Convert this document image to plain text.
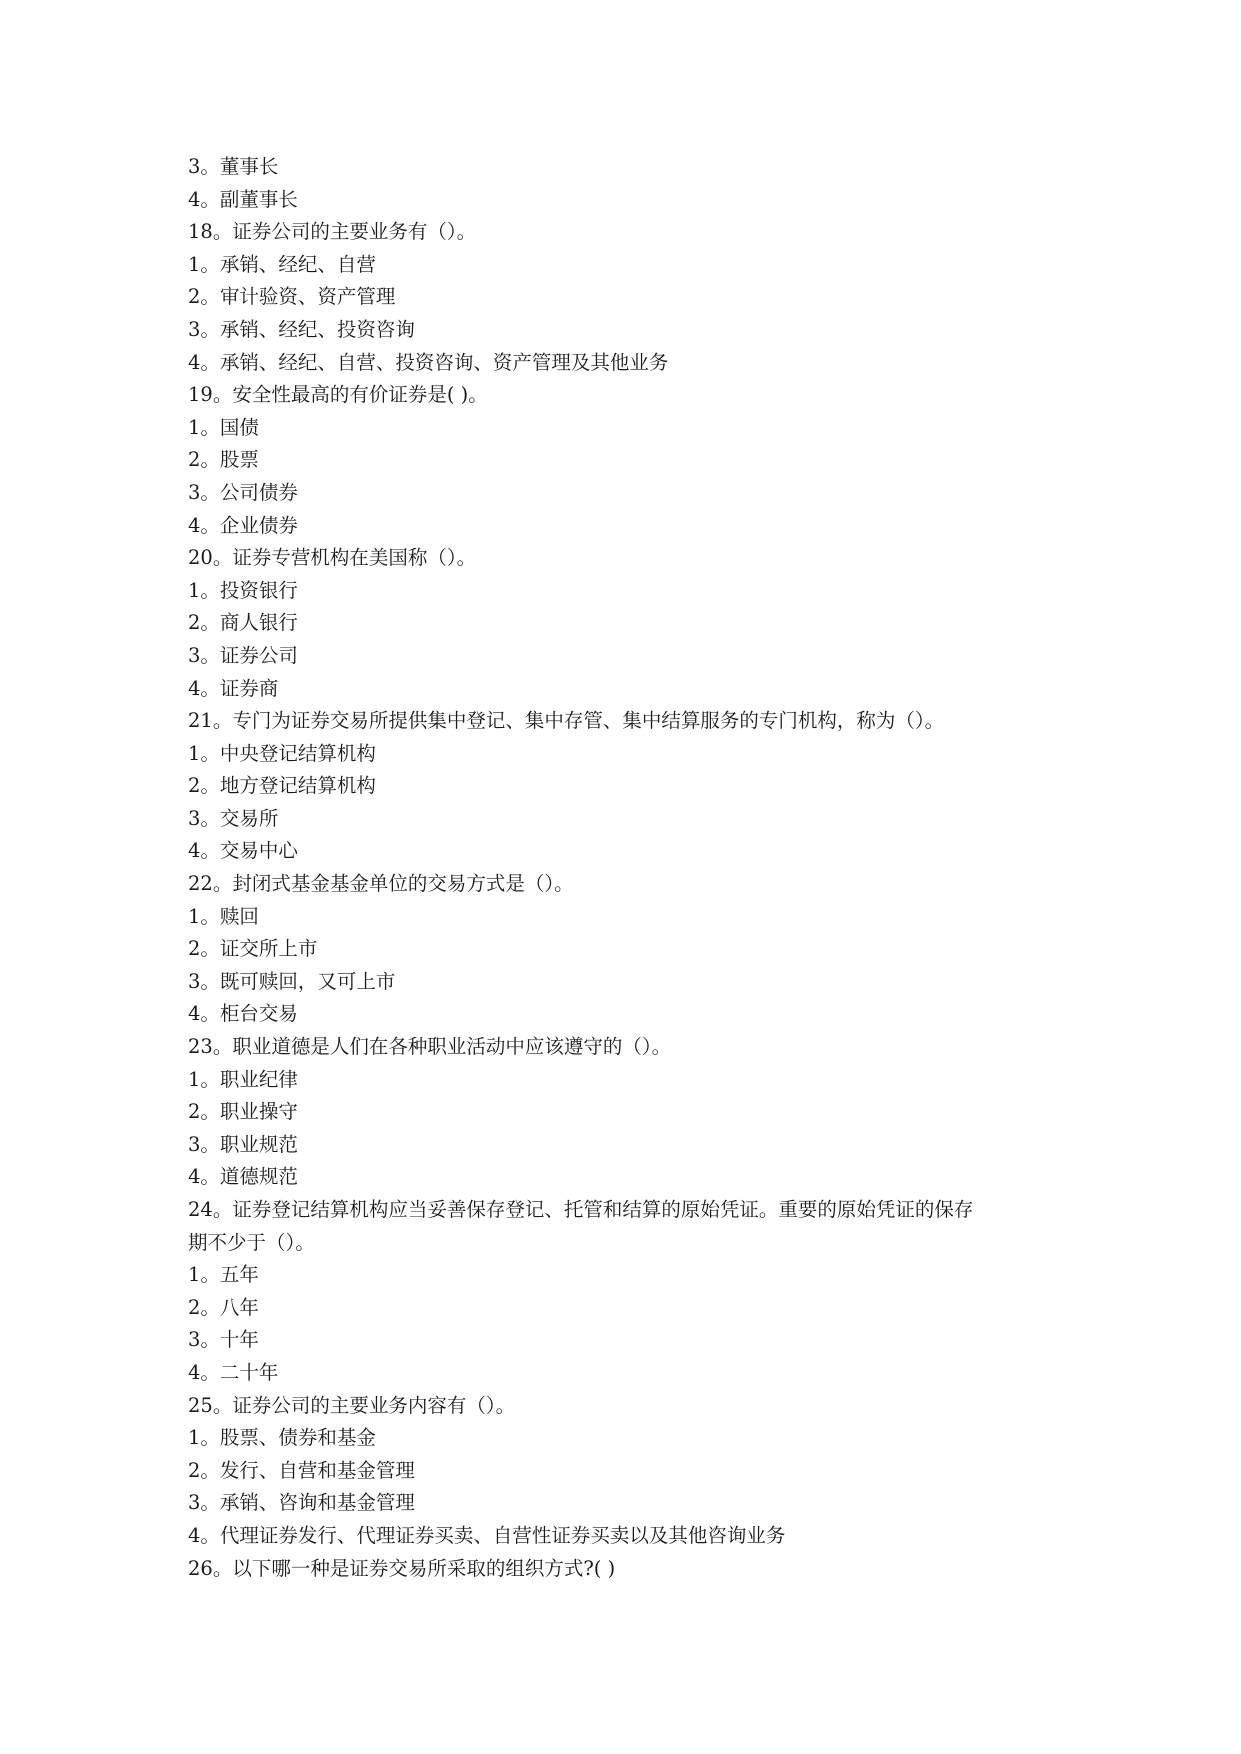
3。董事长
4。副董事长
18。证券公司的主要业务有（）。
1。承销、经纪、自营
2。审计验资、资产管理
3。承销、经纪、投资咨询
4。承销、经纪、自营、投资咨询、资产管理及其他业务
19。安全性最高的有价证券是( )。
1。国债
2。股票
3。公司债券
4。企业债券
20。证券专营机构在美国称（）。
1。投资银行
2。商人银行
3。证券公司
4。证券商
21。专门为证券交易所提供集中登记、集中存管、集中结算服务的专门机构，称为（）。
1。中央登记结算机构
2。地方登记结算机构
3。交易所
4。交易中心
22。封闭式基金基金单位的交易方式是（）。
1。赎回
2。证交所上市
3。既可赎回，又可上市
4。柜台交易
23。职业道德是人们在各种职业活动中应该遵守的（）。
1。职业纪律
2。职业操守
3。职业规范
4。道德规范
24。证券登记结算机构应当妥善保存登记、托管和结算的原始凭证。重要的原始凭证的保存
期不少于（）。
1。五年
2。八年
3。十年
4。二十年
25。证券公司的主要业务内容有（）。
1。股票、债券和基金
2。发行、自营和基金管理
3。承销、咨询和基金管理
4。代理证券发行、代理证券买卖、自营性证券买卖以及其他咨询业务
26。以下哪一种是证券交易所采取的组织方式?( )
